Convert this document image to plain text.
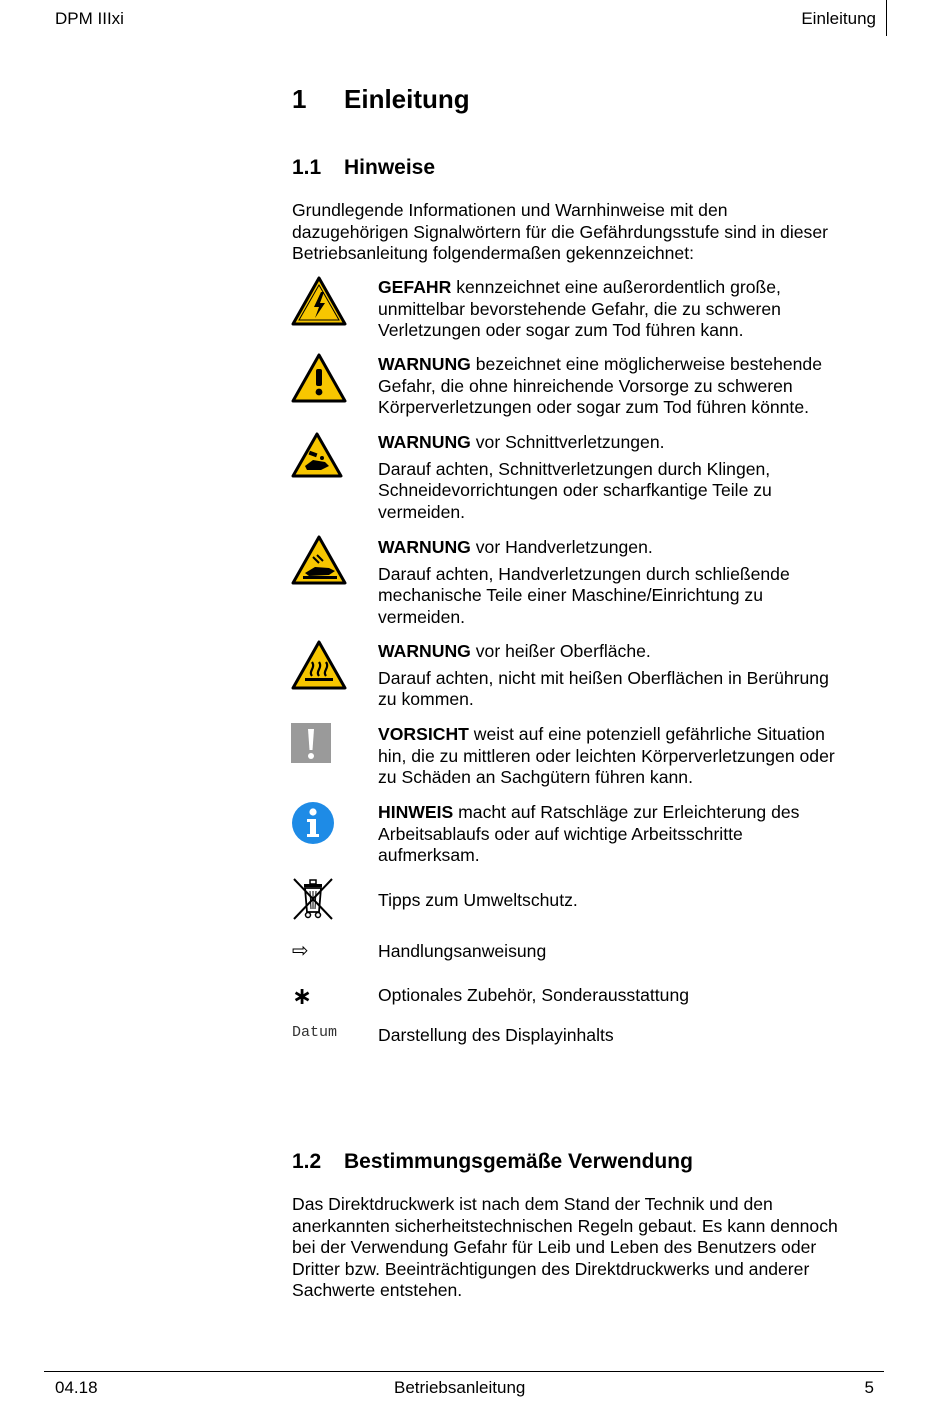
DPM IIIxi	Einleitung
1 Einleitung
1.1 Hinweise
Grundlegende Informationen und Warnhinweise mit den
dazugehörigen Signalwörtern für die Gefährdungsstufe sind in dieser
Betriebsanleitung folgendermaßen gekennzeichnet:
GEFAHR kennzeichnet eine außerordentlich große,
unmittelbar bevorstehende Gefahr, die zu schweren
Verletzungen oder sogar zum Tod führen kann.
WARNUNG bezeichnet eine möglicherweise bestehende
Gefahr, die ohne hinreichende Vorsorge zu schweren
Körperverletzungen oder sogar zum Tod führen könnte.
WARNUNG vor Schnittverletzungen.
Darauf achten, Schnittverletzungen durch Klingen,
Schneidevorrichtungen oder scharfkantige Teile zu
vermeiden.
WARNUNG vor Handverletzungen.
Darauf achten, Handverletzungen durch schließende
mechanische Teile einer Maschine/Einrichtung zu
vermeiden.
WARNUNG vor heißer Oberfläche.
Darauf achten, nicht mit heißen Oberflächen in Berührung
zu kommen.
VORSICHT weist auf eine potenziell gefährliche Situation
hin, die zu mittleren oder leichten Körperverletzungen oder
zu Schäden an Sachgütern führen kann.
HINWEIS macht auf Ratschläge zur Erleichterung des
Arbeitsablaufs oder auf wichtige Arbeitsschritte
aufmerksam.
Tipps zum Umweltschutz.
⇨	Handlungsanweisung
∗	Optionales Zubehör, Sonderausstattung
Datum Darstellung des Displayinhalts
1.2 Bestimmungsgemäße Verwendung
Das Direktdruckwerk ist nach dem Stand der Technik und den
anerkannten sicherheitstechnischen Regeln gebaut. Es kann dennoch
bei der Verwendung Gefahr für Leib und Leben des Benutzers oder
Dritter bzw. Beeinträchtigungen des Direktdruckwerks und anderer
Sachwerte entstehen.
04.18	Betriebsanleitung	5
